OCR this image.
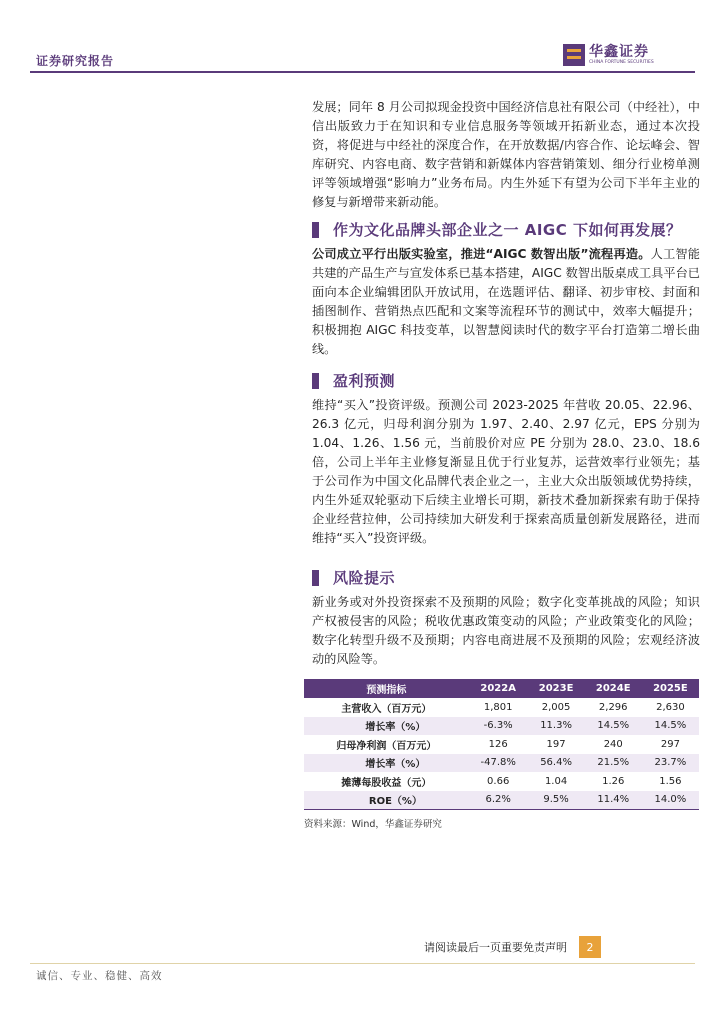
证券研究报告
华鑫证券
CHINA FORTUNE SECURITIES

发展；同年 8 月公司拟现金投资中国经济信息社有限公司（中经社），中信出版致力于在知识和专业信息服务等领域开拓新业态，通过本次投资，将促进与中经社的深度合作，在开放数据/内容合作、论坛峰会、智库研究、内容电商、数字营销和新媒体内容营销策划、细分行业榜单测评等领域增强“影响力”业务布局。内生外延下有望为公司下半年主业的修复与新增带来新动能。

作为文化品牌头部企业之一 AIGC 下如何再发展？

公司成立平行出版实验室，推进“AIGC 数智出版”流程再造。人工智能共建的产品生产与宣发体系已基本搭建，AIGC 数智出版桌成工具平台已面向本企业编辑团队开放试用，在选题评估、翻译、初步审校、封面和插图制作、营销热点匹配和文案等流程环节的测试中，效率大幅提升；积极拥抱 AIGC 科技变革，以智慧阅读时代的数字平台打造第二增长曲线。

盈利预测

维持“买入”投资评级。预测公司 2023-2025 年营收 20.05、22.96、26.3 亿元，归母利润分别为 1.97、2.40、2.97 亿元，EPS 分别为 1.04、1.26、1.56 元，当前股价对应 PE 分别为 28.0、23.0、18.6 倍，公司上半年主业修复渐显且优于行业复苏，运营效率行业领先；基于公司作为中国文化品牌代表企业之一，主业大众出版领域优势持续，内生外延双轮驱动下后续主业增长可期，新技术叠加新探索有助于保持企业经营拉伸，公司持续加大研发利于探索高质量创新发展路径，进而维持“买入”投资评级。

风险提示

新业务或对外投资探索不及预期的风险；数字化变革挑战的风险；知识产权被侵害的风险；税收优惠政策变动的风险；产业政策变化的风险；数字化转型升级不及预期；内容电商进展不及预期的风险；宏观经济波动的风险等。

预测指标	2022A	2023E	2024E	2025E
主营收入（百万元）	1,801	2,005	2,296	2,630
增长率（%）	-6.3%	11.3%	14.5%	14.5%
归母净利润（百万元）	126	197	240	297
增长率（%）	-47.8%	56.4%	21.5%	23.7%
摊薄每股收益（元）	0.66	1.04	1.26	1.56
ROE（%）	6.2%	9.5%	11.4%	14.0%
资料来源：Wind，华鑫证券研究
请阅读最后一页重要免责声明	2
诚信、专业、稳健、高效
